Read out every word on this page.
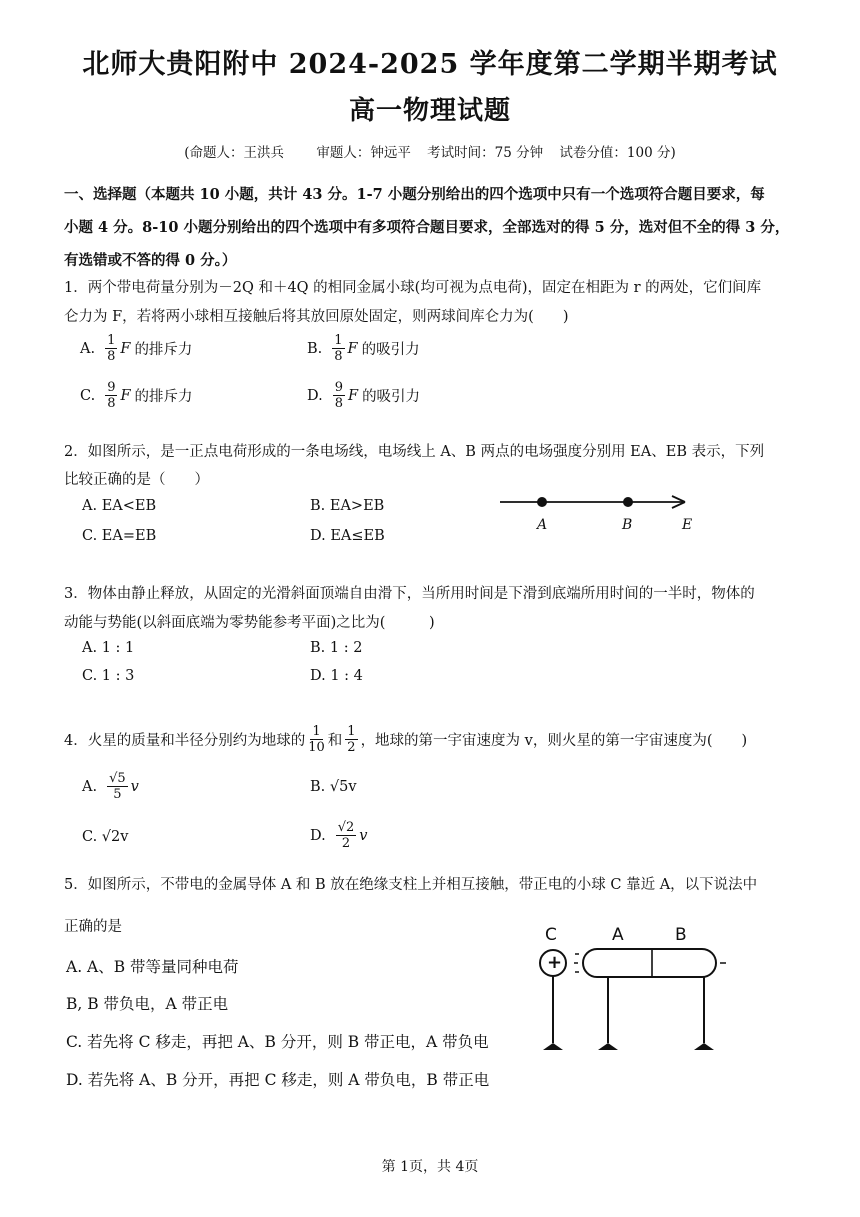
北师大贵阳附中 2024-2025 学年度第二学期半期考试
高一物理试题
(命题人：王洪兵 审题人：钟远平 考试时间：75 分钟 试卷分值：100 分)
一、选择题（本题共 10 小题，共计 43 分。1-7 小题分别给出的四个选项中只有一个选项符合题目要求，每
小题 4 分。8-10 小题分别给出的四个选项中有多项符合题目要求，全部选对的得 5 分，选对但不全的得 3 分，
有选错或不答的得 0 分。）
1．两个带电荷量分别为－2Q 和＋4Q 的相同金属小球(均可视为点电荷)，固定在相距为 r 的两处，它们间库
仑力为 F，若将两小球相互接触后将其放回原处固定，则两球间库仑力为(　　)
A. $\frac{1}{8}$ F 的排斥力	B. $\frac{1}{8}$ F 的吸引力
C. $\frac{9}{8}$ F 的排斥力	D. $\frac{9}{8}$ F 的吸引力
2．如图所示，是一正点电荷形成的一条电场线，电场线上 A、B 两点的电场强度分别用 EA、EB 表示，下列
比较正确的是（　　）
A. EA<EB	B. EA>EB
C. EA=EB	D. EA≤EB
A	B	E
3．物体由静止释放，从固定的光滑斜面顶端自由滑下，当所用时间是下滑到底端所用时间的一半时，物体的
动能与势能(以斜面底端为零势能参考平面)之比为(　　　)
A. 1 : 1	B. 1 : 2
C. 1 : 3	D. 1 : 4
4．火星的质量和半径分别约为地球的 $\frac{1}{10}$ 和 $\frac{1}{2}$ ，地球的第一宇宙速度为 v，则火星的第一宇宙速度为(　　)
A. $\frac{√5}{5}$ v	B. √5v
C. √2v	D. $\frac{√2}{2}$ v
5．如图所示，不带电的金属导体 A 和 B 放在绝缘支柱上并相互接触，带正电的小球 C 靠近 A，以下说法中
正确的是
A. A、B 带等量同种电荷
B, B 带负电，A 带正电
C. 若先将 C 移走，再把 A、B 分开，则 B 带正电，A 带负电
D. 若先将 A、B 分开，再把 C 移走，则 A 带负电，B 带正电
C	A	B
+
第 1页，共 4页
